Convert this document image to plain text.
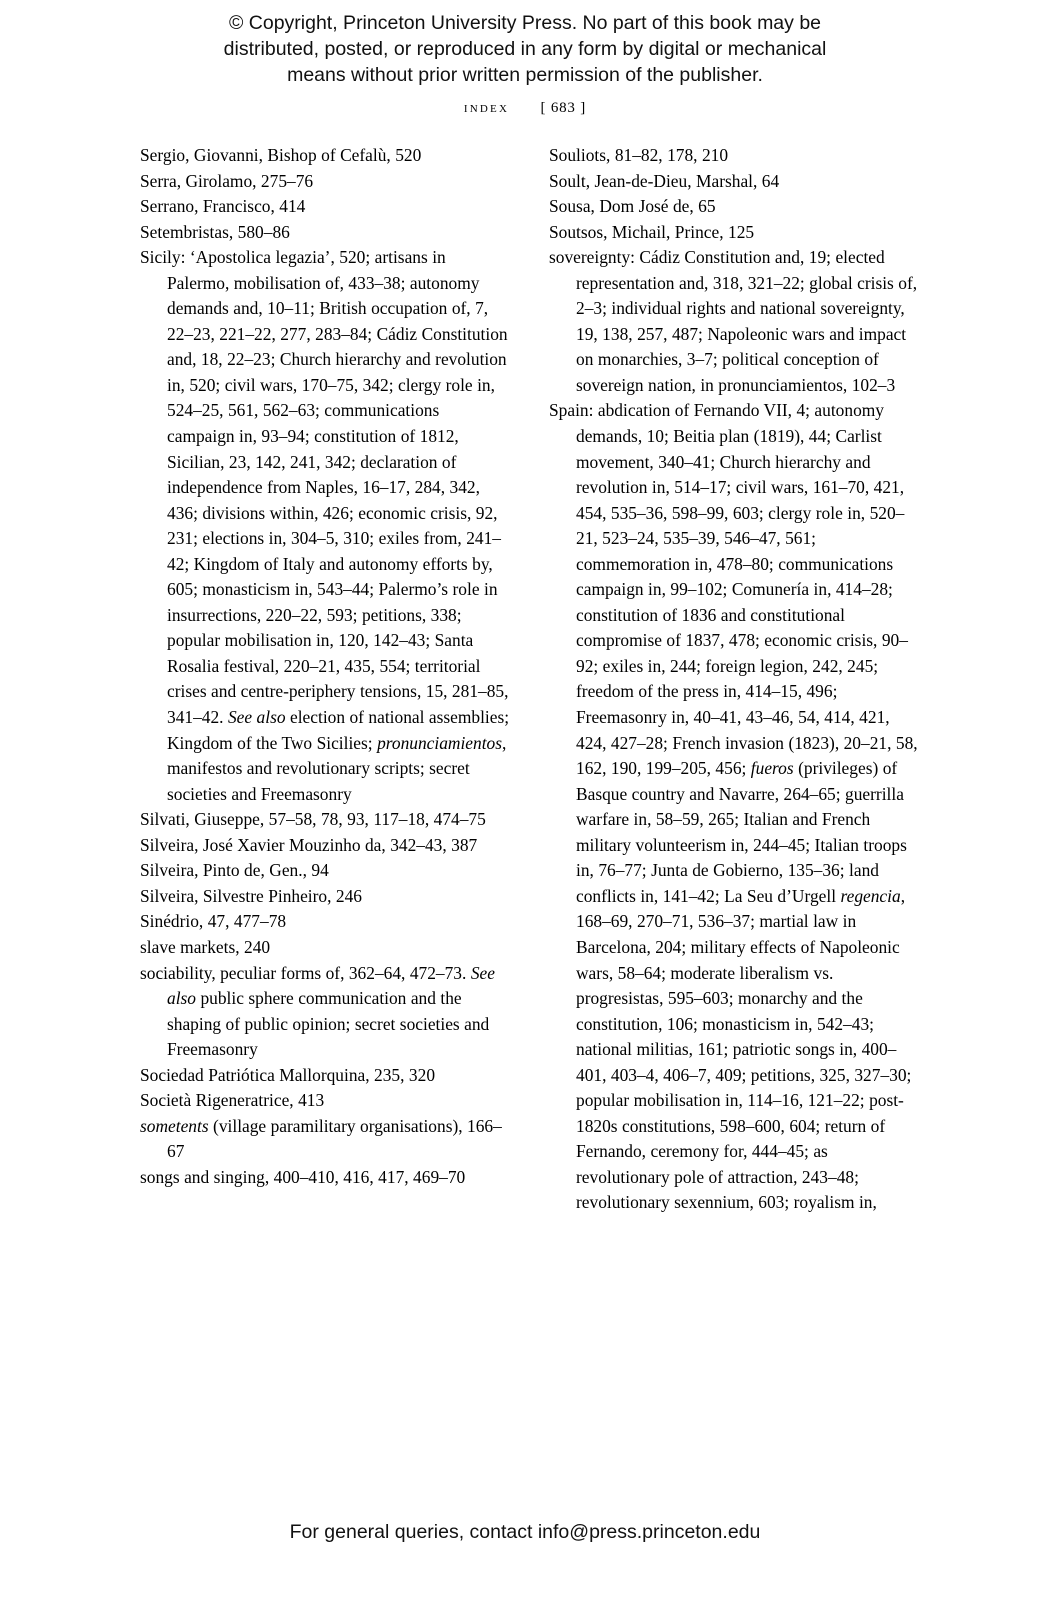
© Copyright, Princeton University Press. No part of this book may be
distributed, posted, or reproduced in any form by digital or mechanical
means without prior written permission of the publisher.
index [ 683 ]

Sergio, Giovanni, Bishop of Cefalù, 520

Serra, Girolamo, 275–76

Serrano, Francisco, 414

Setembristas, 580–86

Sicily: ‘Apostolica legazia’, 520; artisans in Palermo, mobilisation of, 433–38; autonomy demands and, 10–11; British occupation of, 7, 22–23, 221–22, 277, 283–84; Cádiz Constitution and, 18, 22–23; Church hierarchy and revolution in, 520; civil wars, 170–75, 342; clergy role in, 524–25, 561, 562–63; communications campaign in, 93–94; constitution of 1812, Sicilian, 23, 142, 241, 342; declaration of independence from Naples, 16–17, 284, 342, 436; divisions within, 426; economic crisis, 92, 231; elections in, 304–5, 310; exiles from, 241–42; Kingdom of Italy and autonomy efforts by, 605; monasticism in, 543–44; Palermo’s role in insurrections, 220–22, 593; petitions, 338; popular mobilisation in, 120, 142–43; Santa Rosalia festival, 220–21, 435, 554; territorial crises and centre-periphery tensions, 15, 281–85, 341–42. See also election of national assemblies; Kingdom of the Two Sicilies; pronunciamientos, manifestos and revolutionary scripts; secret societies and Freemasonry

Silvati, Giuseppe, 57–58, 78, 93, 117–18, 474–75

Silveira, José Xavier Mouzinho da, 342–43, 387

Silveira, Pinto de, Gen., 94

Silveira, Silvestre Pinheiro, 246

Sinédrio, 47, 477–78

slave markets, 240

sociability, peculiar forms of, 362–64, 472–73. See also public sphere communication and the shaping of public opinion; secret societies and Freemasonry

Sociedad Patriótica Mallorquina, 235, 320

Società Rigeneratrice, 413

sometents (village paramilitary organisations), 166–67

songs and singing, 400–410, 416, 417, 469–70

Souliots, 81–82, 178, 210

Soult, Jean-de-Dieu, Marshal, 64

Sousa, Dom José de, 65

Soutsos, Michail, Prince, 125

sovereignty: Cádiz Constitution and, 19; elected representation and, 318, 321–22; global crisis of, 2–3; individual rights and national sovereignty, 19, 138, 257, 487; Napoleonic wars and impact on monarchies, 3–7; political conception of sovereign nation, in pronunciamientos, 102–3

Spain: abdication of Fernando VII, 4; autonomy demands, 10; Beitia plan (1819), 44; Carlist movement, 340–41; Church hierarchy and revolution in, 514–17; civil wars, 161–70, 421, 454, 535–36, 598–99, 603; clergy role in, 520–21, 523–24, 535–39, 546–47, 561; commemoration in, 478–80; communications campaign in, 99–102; Comunería in, 414–28; constitution of 1836 and constitutional compromise of 1837, 478; economic crisis, 90–92; exiles in, 244; foreign legion, 242, 245; freedom of the press in, 414–15, 496; Freemasonry in, 40–41, 43–46, 54, 414, 421, 424, 427–28; French invasion (1823), 20–21, 58, 162, 190, 199–205, 456; fueros (privileges) of Basque country and Navarre, 264–65; guerrilla warfare in, 58–59, 265; Italian and French military volunteerism in, 244–45; Italian troops in, 76–77; Junta de Gobierno, 135–36; land conflicts in, 141–42; La Seu d’Urgell regencia, 168–69, 270–71, 536–37; martial law in Barcelona, 204; military effects of Napoleonic wars, 58–64; moderate liberalism vs. progresistas, 595–603; monarchy and the constitution, 106; monasticism in, 542–43; national militias, 161; patriotic songs in, 400–401, 403–4, 406–7, 409; petitions, 325, 327–30; popular mobilisation in, 114–16, 121–22; post-1820s constitutions, 598–600, 604; return of Fernando, ceremony for, 444–45; as revolutionary pole of attraction, 243–48; revolutionary sexennium, 603; royalism in,

For general queries, contact info@press.princeton.edu
